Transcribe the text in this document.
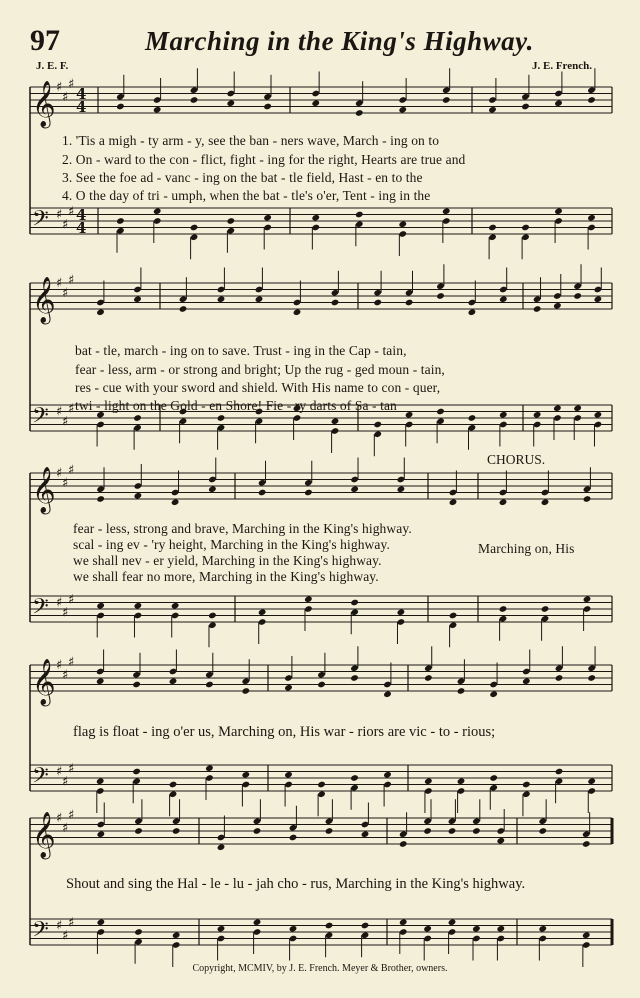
97	Marching in the King's Highway.
J. E. F.	J. E. French.
𝄞
𝄢
♯
♯
♯
♯
♯
♯
4
4
4
4
𝄞
𝄢
♯
♯
♯
♯
♯
♯
𝄞
𝄢
♯
♯
♯
♯
♯
♯
𝄞
𝄢
♯
♯
♯
♯
♯
♯
𝄞
𝄢
♯
♯
♯
♯
♯
♯
1. 'Tis a migh - ty arm - y, see the ban - ners wave, March - ing on to
2. On - ward to the con - flict, fight - ing for the right, Hearts are true and
3. See the foe ad - vanc - ing on the bat - tle field, Hast - en to the
4. O the day of tri - umph, when the bat - tle's o'er, Tent - ing in the
bat - tle, march - ing on to save. Trust - ing in the Cap - tain,
fear - less, arm - or strong and bright; Up the rug - ged moun - tain,
res - cue with your sword and shield. With His name to con - quer,
twi - light on the Gold - en Shore! Fie - ry darts of Sa - tan
CHORUS.
fear - less, strong and brave, Marching in the King's highway.
scal - ing ev - 'ry height, Marching in the King's highway.
we shall nev - er yield, Marching in the King's highway.
we shall fear no more, Marching in the King's highway.
Marching on, His
flag is float - ing o'er us, Marching on, His war - riors are vic - to - rious;
Shout and sing the Hal - le - lu - jah cho - rus, Marching in the King's highway.
Copyright, MCMIV, by J. E. French. Meyer & Brother, owners.
